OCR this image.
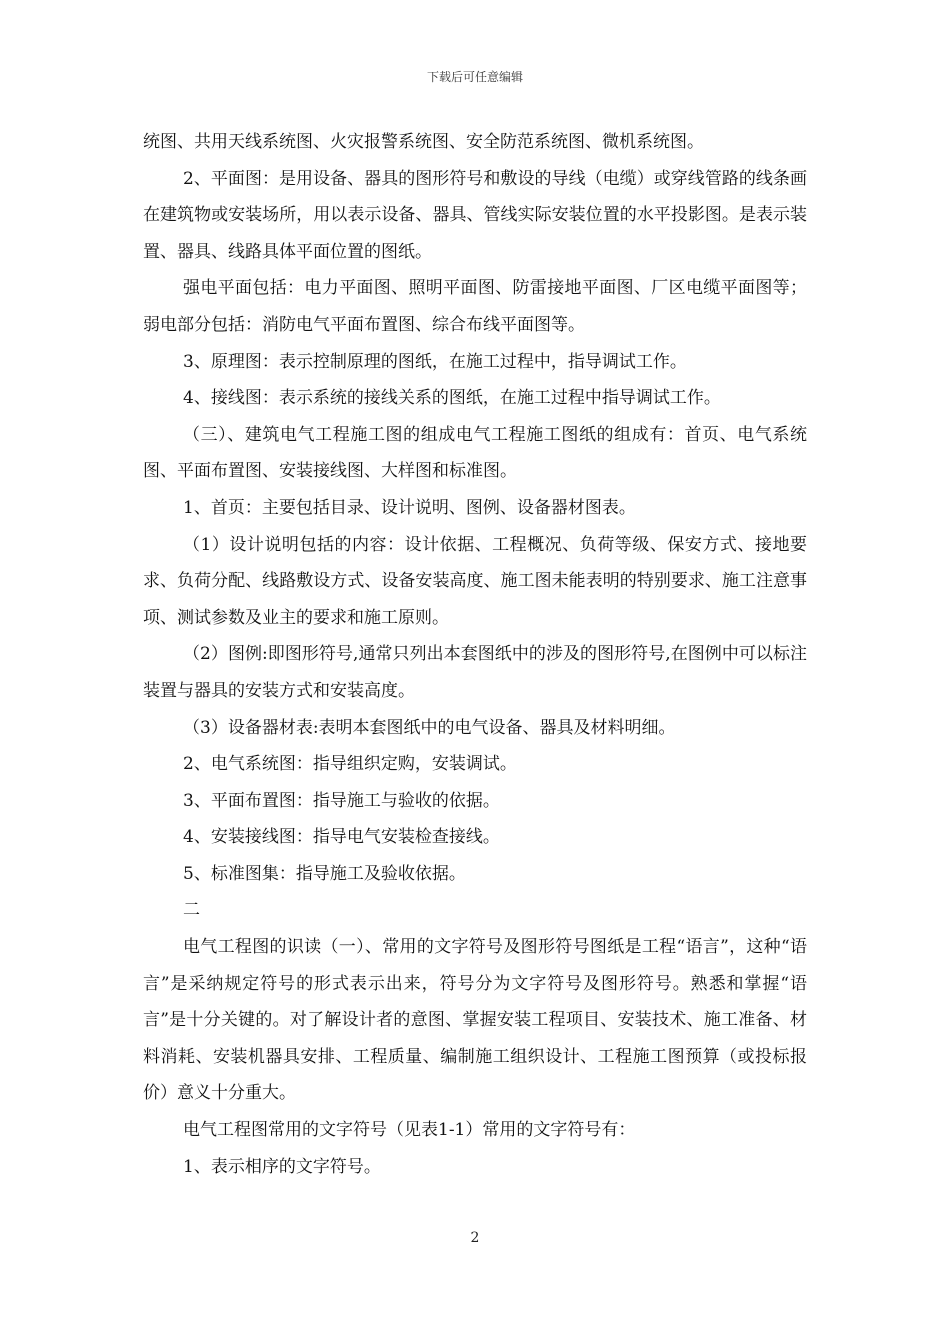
下载后可任意编辑

统图、共用天线系统图、火灾报警系统图、安全防范系统图、微机系统图。

2、平面图：是用设备、器具的图形符号和敷设的导线（电缆）或穿线管路的线条画在建筑物或安装场所，用以表示设备、器具、管线实际安装位置的水平投影图。是表示装置、器具、线路具体平面位置的图纸。

强电平面包括：电力平面图、照明平面图、防雷接地平面图、厂区电缆平面图等；弱电部分包括：消防电气平面布置图、综合布线平面图等。

3、原理图：表示控制原理的图纸，在施工过程中，指导调试工作。

4、接线图：表示系统的接线关系的图纸，在施工过程中指导调试工作。

（三）、建筑电气工程施工图的组成电气工程施工图纸的组成有：首页、电气系统图、平面布置图、安装接线图、大样图和标准图。

1、首页：主要包括目录、设计说明、图例、设备器材图表。

（1）设计说明包括的内容：设计依据、工程概况、负荷等级、保安方式、接地要求、负荷分配、线路敷设方式、设备安装高度、施工图未能表明的特别要求、施工注意事项、测试参数及业主的要求和施工原则。

（2）图例:即图形符号,通常只列出本套图纸中的涉及的图形符号,在图例中可以标注装置与器具的安装方式和安装高度。

（3）设备器材表:表明本套图纸中的电气设备、器具及材料明细。

2、电气系统图：指导组织定购，安装调试。

3、平面布置图：指导施工与验收的依据。

4、安装接线图：指导电气安装检查接线。

5、标准图集：指导施工及验收依据。

二

电气工程图的识读（一）、常用的文字符号及图形符号图纸是工程“语言”，这种“语言”是采纳规定符号的形式表示出来，符号分为文字符号及图形符号。熟悉和掌握“语言”是十分关键的。对了解设计者的意图、掌握安装工程项目、安装技术、施工准备、材料消耗、安装机器具安排、工程质量、编制施工组织设计、工程施工图预算（或投标报价）意义十分重大。

电气工程图常用的文字符号（见表1-1）常用的文字符号有：

1、表示相序的文字符号。

2
